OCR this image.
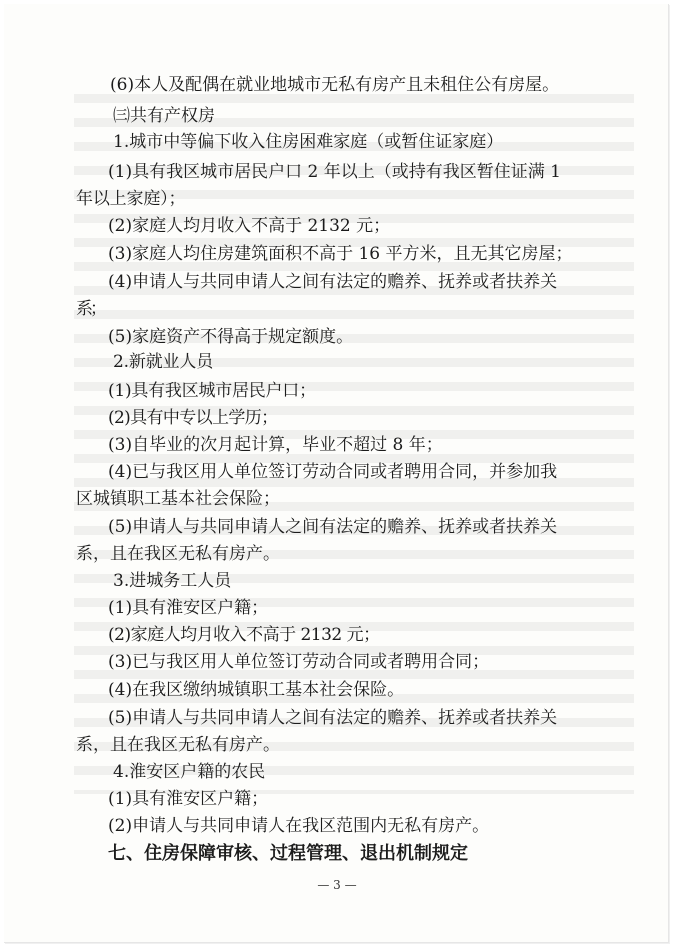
(6)本人及配偶在就业地城市无私有房产且未租住公有房屋。
㈢共有产权房
1.城市中等偏下收入住房困难家庭（或暂住证家庭）
(1)具有我区城市居民户口 2 年以上（或持有我区暂住证满 1
年以上家庭）；
(2)家庭人均月收入不高于 2132 元；
(3)家庭人均住房建筑面积不高于 16 平方米，且无其它房屋；
(4)申请人与共同申请人之间有法定的赡养、抚养或者扶养关
系；
(5)家庭资产不得高于规定额度。
2.新就业人员
(1)具有我区城市居民户口；
(2)具有中专以上学历；
(3)自毕业的次月起计算，毕业不超过 8 年；
(4)已与我区用人单位签订劳动合同或者聘用合同，并参加我
区城镇职工基本社会保险；
(5)申请人与共同申请人之间有法定的赡养、抚养或者扶养关
系，且在我区无私有房产。
3.进城务工人员
(1)具有淮安区户籍；
(2)家庭人均月收入不高于 2132 元；
(3)已与我区用人单位签订劳动合同或者聘用合同；
(4)在我区缴纳城镇职工基本社会保险。
(5)申请人与共同申请人之间有法定的赡养、抚养或者扶养关
系，且在我区无私有房产。
4.淮安区户籍的农民
(1)具有淮安区户籍；
(2)申请人与共同申请人在我区范围内无私有房产。
七、住房保障审核、过程管理、退出机制规定
— 3 —
